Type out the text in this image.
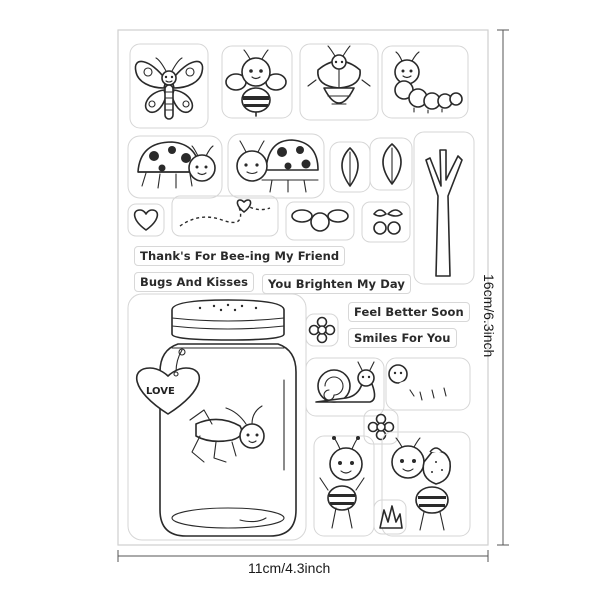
Thank's For Bee-ing My Friend
Bugs And Kisses	You Brighten My Day
Feel Better Soon
Smiles For You
LOVE
16cm/6.3inch
11cm/4.3inch
